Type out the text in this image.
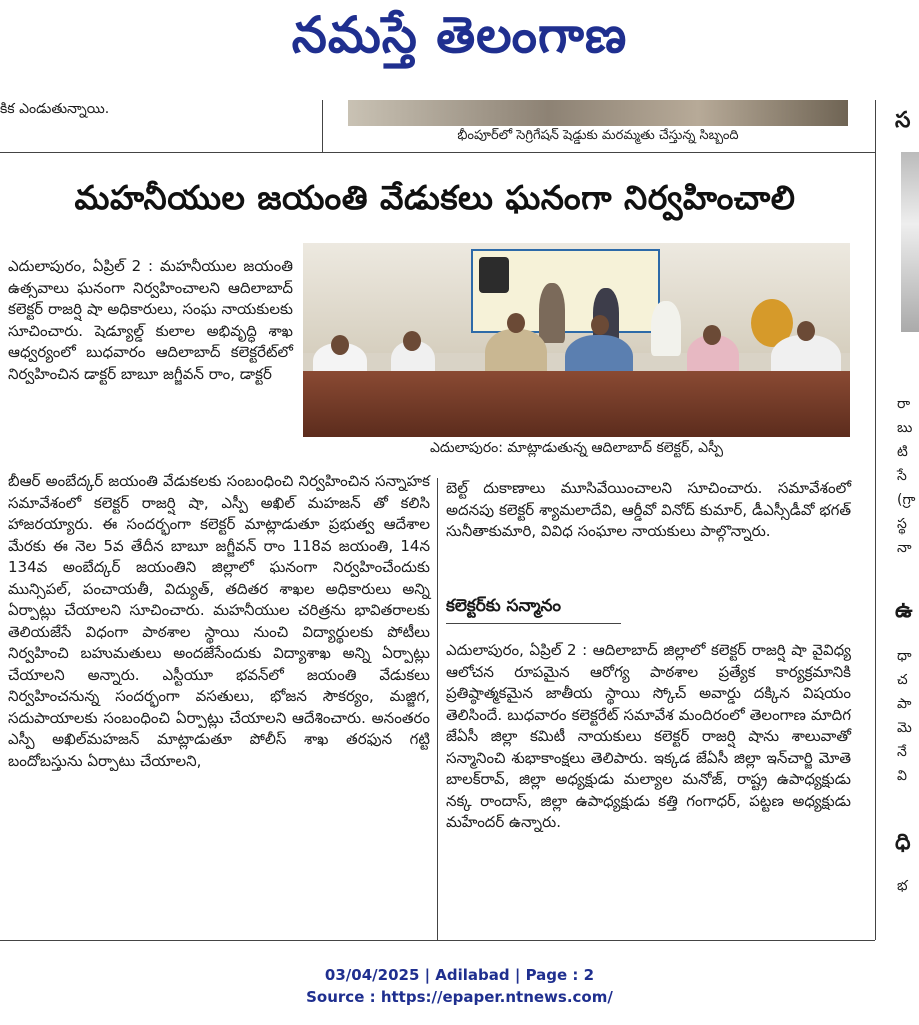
నమస్తే తెలంగాణ
కిక ఎండుతున్నాయి.
భీంపూర్‌లో సెగ్రిగేషన్ షెడ్డుకు మరమ్మతు చేస్తున్న సిబ్బంది
మహనీయుల జయంతి వేడుకలు ఘనంగా నిర్వహించాలి
ఎదులాపురం: మాట్లాడుతున్న ఆదిలాబాద్ కలెక్టర్, ఎస్పీ

ఎదులాపురం, ఏప్రిల్ 2 : మహనీయుల జయంతి ఉత్సవాలు ఘనంగా నిర్వహించాలని ఆదిలాబాద్ కలెక్టర్ రాజర్షి షా అధికారులు, సంఘ నాయకులకు సూచించారు. షెడ్యూల్డ్ కులాల అభివృద్ధి శాఖ ఆధ్వర్యంలో బుధవారం ఆదిలాబాద్ కలెక్టరేట్‌లో నిర్వహించిన డాక్టర్ బాబూ జగ్జీవన్ రాం, డాక్టర్

బీఆర్ అంబేద్కర్ జయంతి వేడుకలకు సంబంధించి నిర్వహించిన సన్నాహక సమావేశంలో కలెక్టర్ రాజర్షి షా, ఎస్పీ అఖిల్ మహజన్ తో కలిసి హాజరయ్యారు. ఈ సందర్భంగా కలెక్టర్ మాట్లాడుతూ ప్రభుత్వ ఆదేశాల మేరకు ఈ నెల 5వ తేదీన బాబూ జగ్జీవన్ రాం 118వ జయంతి, 14న 134వ అంబేద్కర్ జయంతిని జిల్లాలో ఘనంగా నిర్వహించేందుకు మున్సిపల్, పంచాయతీ, విద్యుత్, తదితర శాఖల అధికారులు అన్ని ఏర్పాట్లు చేయాలని సూచించారు. మహనీయుల చరిత్రను భావితరాలకు తెలియజేసే విధంగా పాఠశాల స్థాయి నుంచి విద్యార్థులకు పోటీలు నిర్వహించి బహుమతులు అందజేసేందుకు విద్యాశాఖ అన్ని ఏర్పాట్లు చేయాలని అన్నారు. ఎస్టీయూ భవన్‌లో జయంతి వేడుకలు నిర్వహించనున్న సందర్భంగా వసతులు, భోజన సౌకర్యం, మజ్జిగ, సదుపాయాలకు సంబంధించి ఏర్పాట్లు చేయాలని ఆదేశించారు. అనంతరం ఎస్పీ అఖిల్‌మహజన్ మాట్లాడుతూ పోలీస్ శాఖ తరఫున గట్టి బందోబస్తును ఏర్పాటు చేయాలని,

బెల్ట్ దుకాణాలు మూసివేయించాలని సూచించారు. సమావేశంలో అదనపు కలెక్టర్ శ్యామలాదేవి, ఆర్డీవో వినోద్ కుమార్, డీఎస్సీడీవో భగత్ సునీతాకుమారి, వివిధ సంఘాల నాయకులు పాల్గొన్నారు.

కలెక్టర్‌కు సన్మానం

ఎదులాపురం, ఏప్రిల్ 2 : ఆదిలాబాద్ జిల్లాలో కలెక్టర్ రాజర్షి షా వైవిధ్య ఆలోచన రూపమైన ఆరోగ్య పాఠశాల ప్రత్యేక కార్యక్రమానికి ప్రతిష్ఠాత్మకమైన జాతీయ స్థాయి స్కోచ్ అవార్డు దక్కిన విషయం తెలిసిందే. బుధవారం కలెక్టరేట్ సమావేశ మందిరంలో తెలంగాణ మాదిగ జేఏసీ జిల్లా కమిటీ నాయకులు కలెక్టర్ రాజర్షి షాను శాలువాతో సన్మానించి శుభాకాంక్షలు తెలిపారు. ఇక్కడ జేఏసీ జిల్లా ఇన్‌చార్జి మోతె బాలక్‌రావ్, జిల్లా అధ్యక్షుడు మల్యాల మనోజ్, రాష్ట్ర ఉపాధ్యక్షుడు నక్క రాందాస్, జిల్లా ఉపాధ్యక్షుడు కత్తి గంగాధర్, పట్టణ అధ్యక్షుడు మహేందర్ ఉన్నారు.

స
రా
బు
టి
సే
(గ్రా
స్థ
నా
ఉ
ధా
చ
పా
మె
నే
వి
ధి
భ
03/04/2025 | Adilabad | Page : 2
Source : https://epaper.ntnews.com/
